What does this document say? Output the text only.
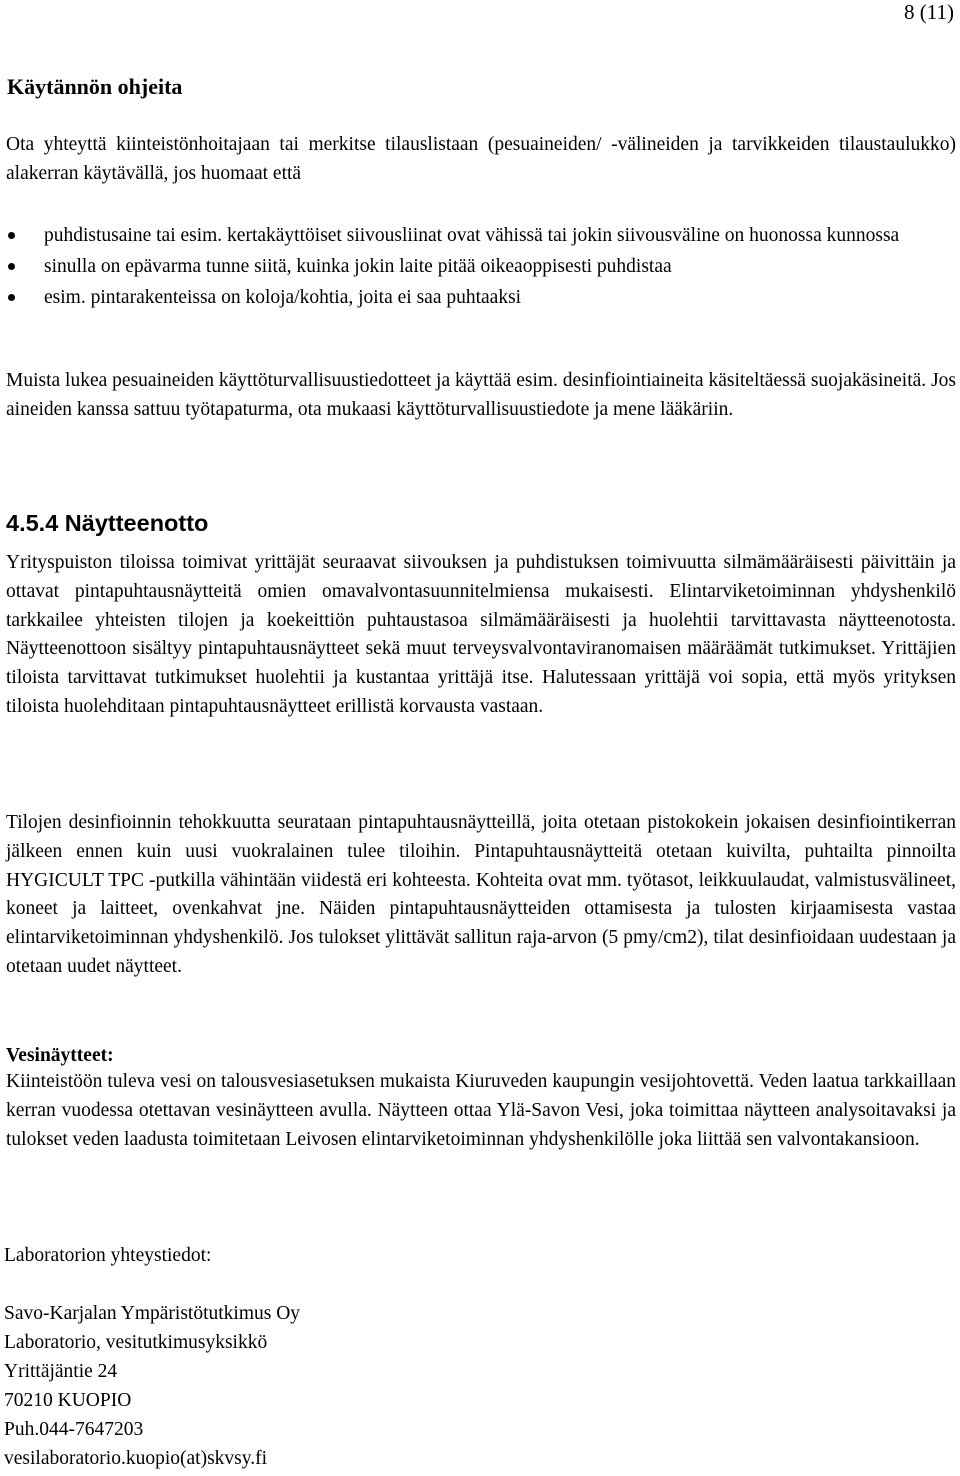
8 (11)
Käytännön ohjeita

Ota yhteyttä kiinteistönhoitajaan tai merkitse tilauslistaan (pesuaineiden/ -välineiden ja tarvikkeiden tilaustaulukko) alakerran käytävällä, jos huomaat että

puhdistusaine tai esim. kertakäyttöiset siivousliinat ovat vähissä tai jokin siivousväline on huonossa kunnossa
sinulla on epävarma tunne siitä, kuinka jokin laite pitää oikeaoppisesti puhdistaa
esim. pintarakenteissa on koloja/kohtia, joita ei saa puhtaaksi

Muista lukea pesuaineiden käyttöturvallisuustiedotteet ja käyttää esim. desinfiointiaineita käsiteltäessä suojakäsineitä. Jos aineiden kanssa sattuu työtapaturma, ota mukaasi käyttöturvallisuustiedote ja mene lääkäriin.

4.5.4 Näytteenotto

Yrityspuiston tiloissa toimivat yrittäjät seuraavat siivouksen ja puhdistuksen toimivuutta silmämääräisesti päivittäin ja ottavat pintapuhtausnäytteitä omien omavalvontasuunnitelmiensa mukaisesti. Elintarviketoiminnan yhdyshenkilö tarkkailee yhteisten tilojen ja koekeittiön puhtaustasoa silmämääräisesti ja huolehtii tarvittavasta näytteenotosta. Näytteenottoon sisältyy pintapuhtausnäytteet sekä muut terveysvalvontaviranomaisen määräämät tutkimukset. Yrittäjien tiloista tarvittavat tutkimukset huolehtii ja kustantaa yrittäjä itse. Halutessaan yrittäjä voi sopia, että myös yrityksen tiloista huolehditaan pintapuhtausnäytteet erillistä korvausta vastaan.

Tilojen desinfioinnin tehokkuutta seurataan pintapuhtausnäytteillä, joita otetaan pistokokein jokaisen desinfiointikerran jälkeen ennen kuin uusi vuokralainen tulee tiloihin. Pintapuhtausnäytteitä otetaan kuivilta, puhtailta pinnoilta HYGICULT TPC -putkilla vähintään viidestä eri kohteesta. Kohteita ovat mm. työtasot, leikkuulaudat, valmistusvälineet, koneet ja laitteet, ovenkahvat jne. Näiden pintapuhtausnäytteiden ottamisesta ja tulosten kirjaamisesta vastaa elintarviketoiminnan yhdyshenkilö. Jos tulokset ylittävät sallitun raja-arvon (5 pmy/cm2), tilat desinfioidaan uudestaan ja otetaan uudet näytteet.

Vesinäytteet:

Kiinteistöön tuleva vesi on talousvesiasetuksen mukaista Kiuruveden kaupungin vesijohtovettä. Veden laatua tarkkaillaan kerran vuodessa otettavan vesinäytteen avulla. Näytteen ottaa Ylä-Savon Vesi, joka toimittaa näytteen analysoitavaksi ja tulokset veden laadusta toimitetaan Leivosen elintarviketoiminnan yhdyshenkilölle joka liittää sen valvontakansioon.

Laboratorion yhteystiedot:
Savo-Karjalan Ympäristötutkimus Oy
Laboratorio, vesitutkimusyksikkö
Yrittäjäntie 24
70210 KUOPIO
Puh.044-7647203
vesilaboratorio.kuopio(at)skvsy.fi
